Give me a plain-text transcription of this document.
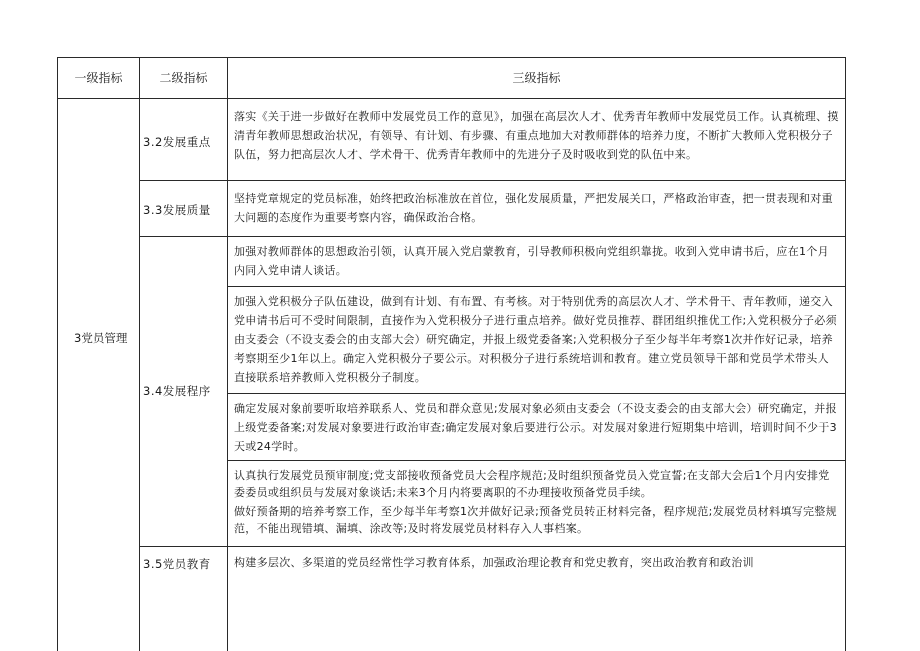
一级指标	二级指标	三级指标
3党员管理
3.2发展重点
落实《关于进一步做好在教师中发展党员工作的意见》，加强在高层次人才、优秀青年教师中发展党员工作。认真梳理、摸清青年教师思想政治状况，有领导、有计划、有步骤、有重点地加大对教师群体的培养力度，不断扩大教师入党积极分子队伍，努力把高层次人才、学术骨干、优秀青年教师中的先进分子及时吸收到党的队伍中来。
3.3发展质量
坚持党章规定的党员标准，始终把政治标准放在首位，强化发展质量，严把发展关口，严格政治审查，把一贯表现和对重大问题的态度作为重要考察内容，确保政治合格。
3.4发展程序
加强对教师群体的思想政治引领，认真开展入党启蒙教育，引导教师积极向党组织靠拢。收到入党申请书后，应在1个月内同入党申请人谈话。
加强入党积极分子队伍建设，做到有计划、有布置、有考核。对于特别优秀的高层次人才、学术骨干、青年教师，递交入党申请书后可不受时间限制，直接作为入党积极分子进行重点培养。做好党员推荐、群团组织推优工作;入党积极分子必须由支委会（不设支委会的由支部大会）研究确定，并报上级党委备案;入党积极分子至少每半年考察1次并作好记录，培养考察期至少1年以上。确定入党积极分子要公示。对积极分子进行系统培训和教育。建立党员领导干部和党员学术带头人直接联系培养教师入党积极分子制度。
确定发展对象前要听取培养联系人、党员和群众意见;发展对象必须由支委会（不设支委会的由支部大会）研究确定，并报上级党委备案;对发展对象要进行政治审查;确定发展对象后要进行公示。对发展对象进行短期集中培训，培训时间不少于3天或24学时。
认真执行发展党员预审制度;党支部接收预备党员大会程序规范;及时组织预备党员入党宣誓;在支部大会后1个月内安排党委委员或组织员与发展对象谈话;未来3个月内将要离职的不办理接收预备党员手续。
做好预备期的培养考察工作，至少每半年考察1次并做好记录;预备党员转正材料完备，程序规范;发展党员材料填写完整规范，不能出现错填、漏填、涂改等;及时将发展党员材料存入人事档案。
3.5党员教育 构建多层次、多渠道的党员经常性学习教育体系，加强政治理论教育和党史教育，突出政治教育和政治训
